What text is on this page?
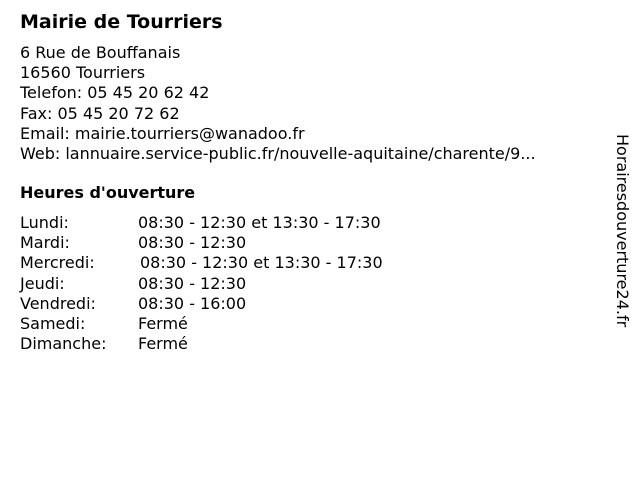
Mairie de Tourriers
6 Rue de Bouffanais
16560 Tourriers
Telefon: 05 45 20 62 42
Fax: 05 45 20 72 62
Email: mairie.tourriers@wanadoo.fr
Web: lannuaire.service-public.fr/nouvelle-aquitaine/charente/9...
Heures d'ouverture
Lundi:	08:30 - 12:30 et 13:30 - 17:30
Mardi:	08:30 - 12:30
Mercredi:	08:30 - 12:30 et 13:30 - 17:30
Jeudi:	08:30 - 12:30
Vendredi:	08:30 - 16:00
Samedi:	Fermé
Dimanche: Fermé
Horairesdouverture24.fr
